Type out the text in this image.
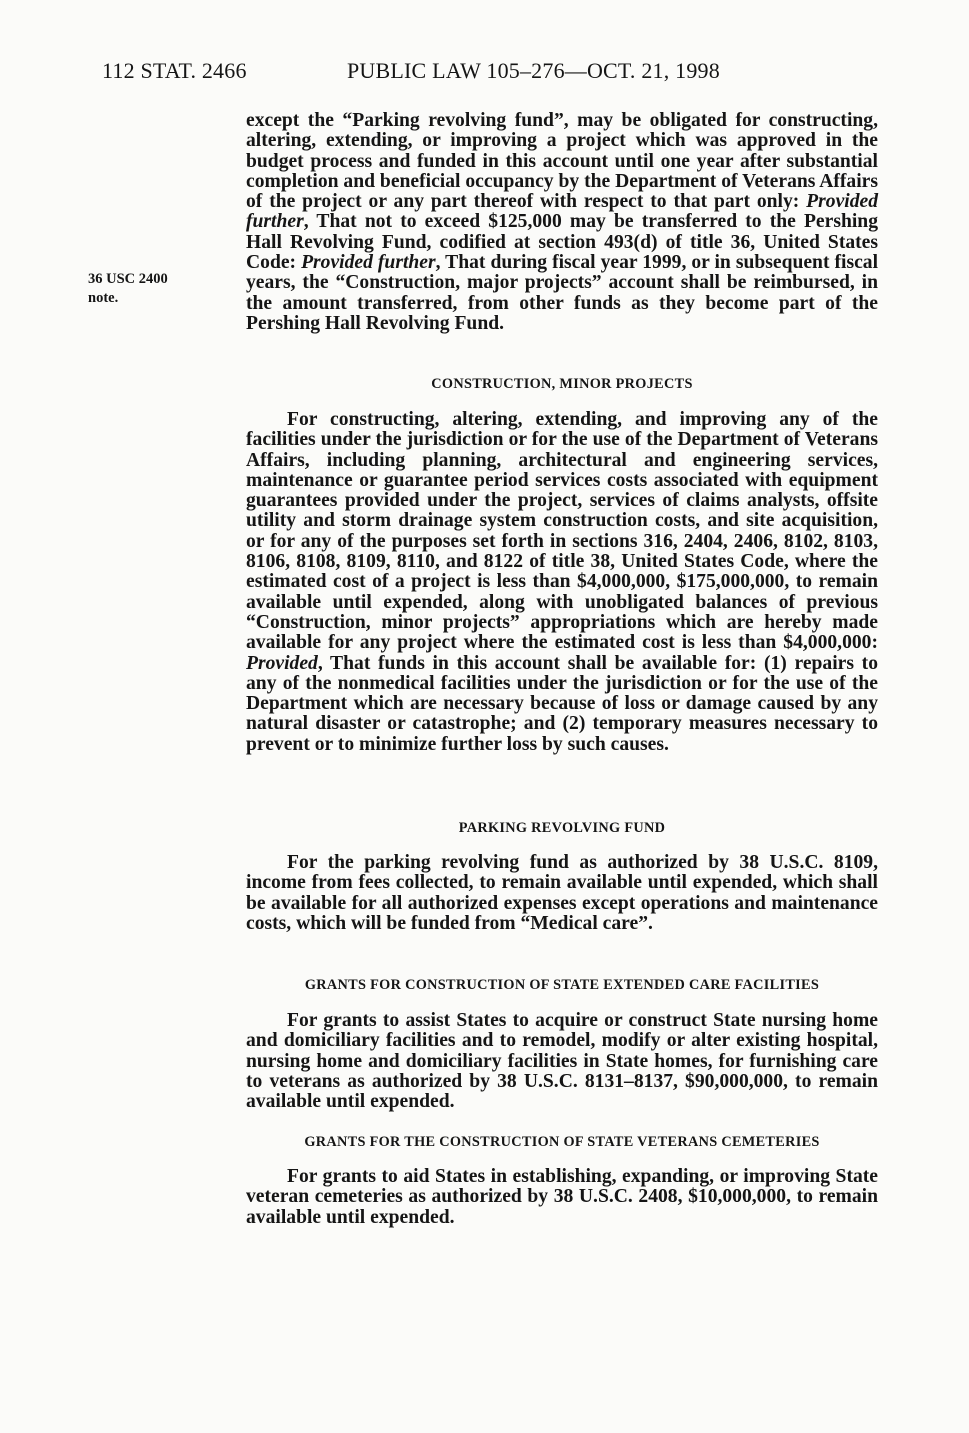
112 STAT. 2466	PUBLIC LAW 105–276—OCT. 21, 1998
36 USC 2400
note.

except the “Parking revolving fund”, may be obligated for constructing, altering, extending, or improving a project which was approved in the budget process and funded in this account until one year after substantial completion and beneficial occupancy by the Department of Veterans Affairs of the project or any part thereof with respect to that part only: Provided further, That not to exceed $125,000 may be transferred to the Pershing Hall Revolving Fund, codified at section 493(d) of title 36, United States Code: Provided further, That during fiscal year 1999, or in subsequent fiscal years, the “Construction, major projects” account shall be reimbursed, in the amount transferred, from other funds as they become part of the Pershing Hall Revolving Fund.

CONSTRUCTION, MINOR PROJECTS

For constructing, altering, extending, and improving any of the facilities under the jurisdiction or for the use of the Department of Veterans Affairs, including planning, architectural and engineering services, maintenance or guarantee period services costs associated with equipment guarantees provided under the project, services of claims analysts, offsite utility and storm drainage system construction costs, and site acquisition, or for any of the purposes set forth in sections 316, 2404, 2406, 8102, 8103, 8106, 8108, 8109, 8110, and 8122 of title 38, United States Code, where the estimated cost of a project is less than $4,000,000, $175,000,000, to remain available until expended, along with unobligated balances of previous “Construction, minor projects” appropriations which are hereby made available for any project where the estimated cost is less than $4,000,000: Provided, That funds in this account shall be available for: (1) repairs to any of the nonmedical facilities under the jurisdiction or for the use of the Department which are necessary because of loss or damage caused by any natural disaster or catastrophe; and (2) temporary measures necessary to prevent or to minimize further loss by such causes.

PARKING REVOLVING FUND

For the parking revolving fund as authorized by 38 U.S.C. 8109, income from fees collected, to remain available until expended, which shall be available for all authorized expenses except operations and maintenance costs, which will be funded from “Medical care”.

GRANTS FOR CONSTRUCTION OF STATE EXTENDED CARE FACILITIES

For grants to assist States to acquire or construct State nursing home and domiciliary facilities and to remodel, modify or alter existing hospital, nursing home and domiciliary facilities in State homes, for furnishing care to veterans as authorized by 38 U.S.C. 8131–8137, $90,000,000, to remain available until expended.

GRANTS FOR THE CONSTRUCTION OF STATE VETERANS CEMETERIES

For grants to aid States in establishing, expanding, or improving State veteran cemeteries as authorized by 38 U.S.C. 2408, $10,000,000, to remain available until expended.
